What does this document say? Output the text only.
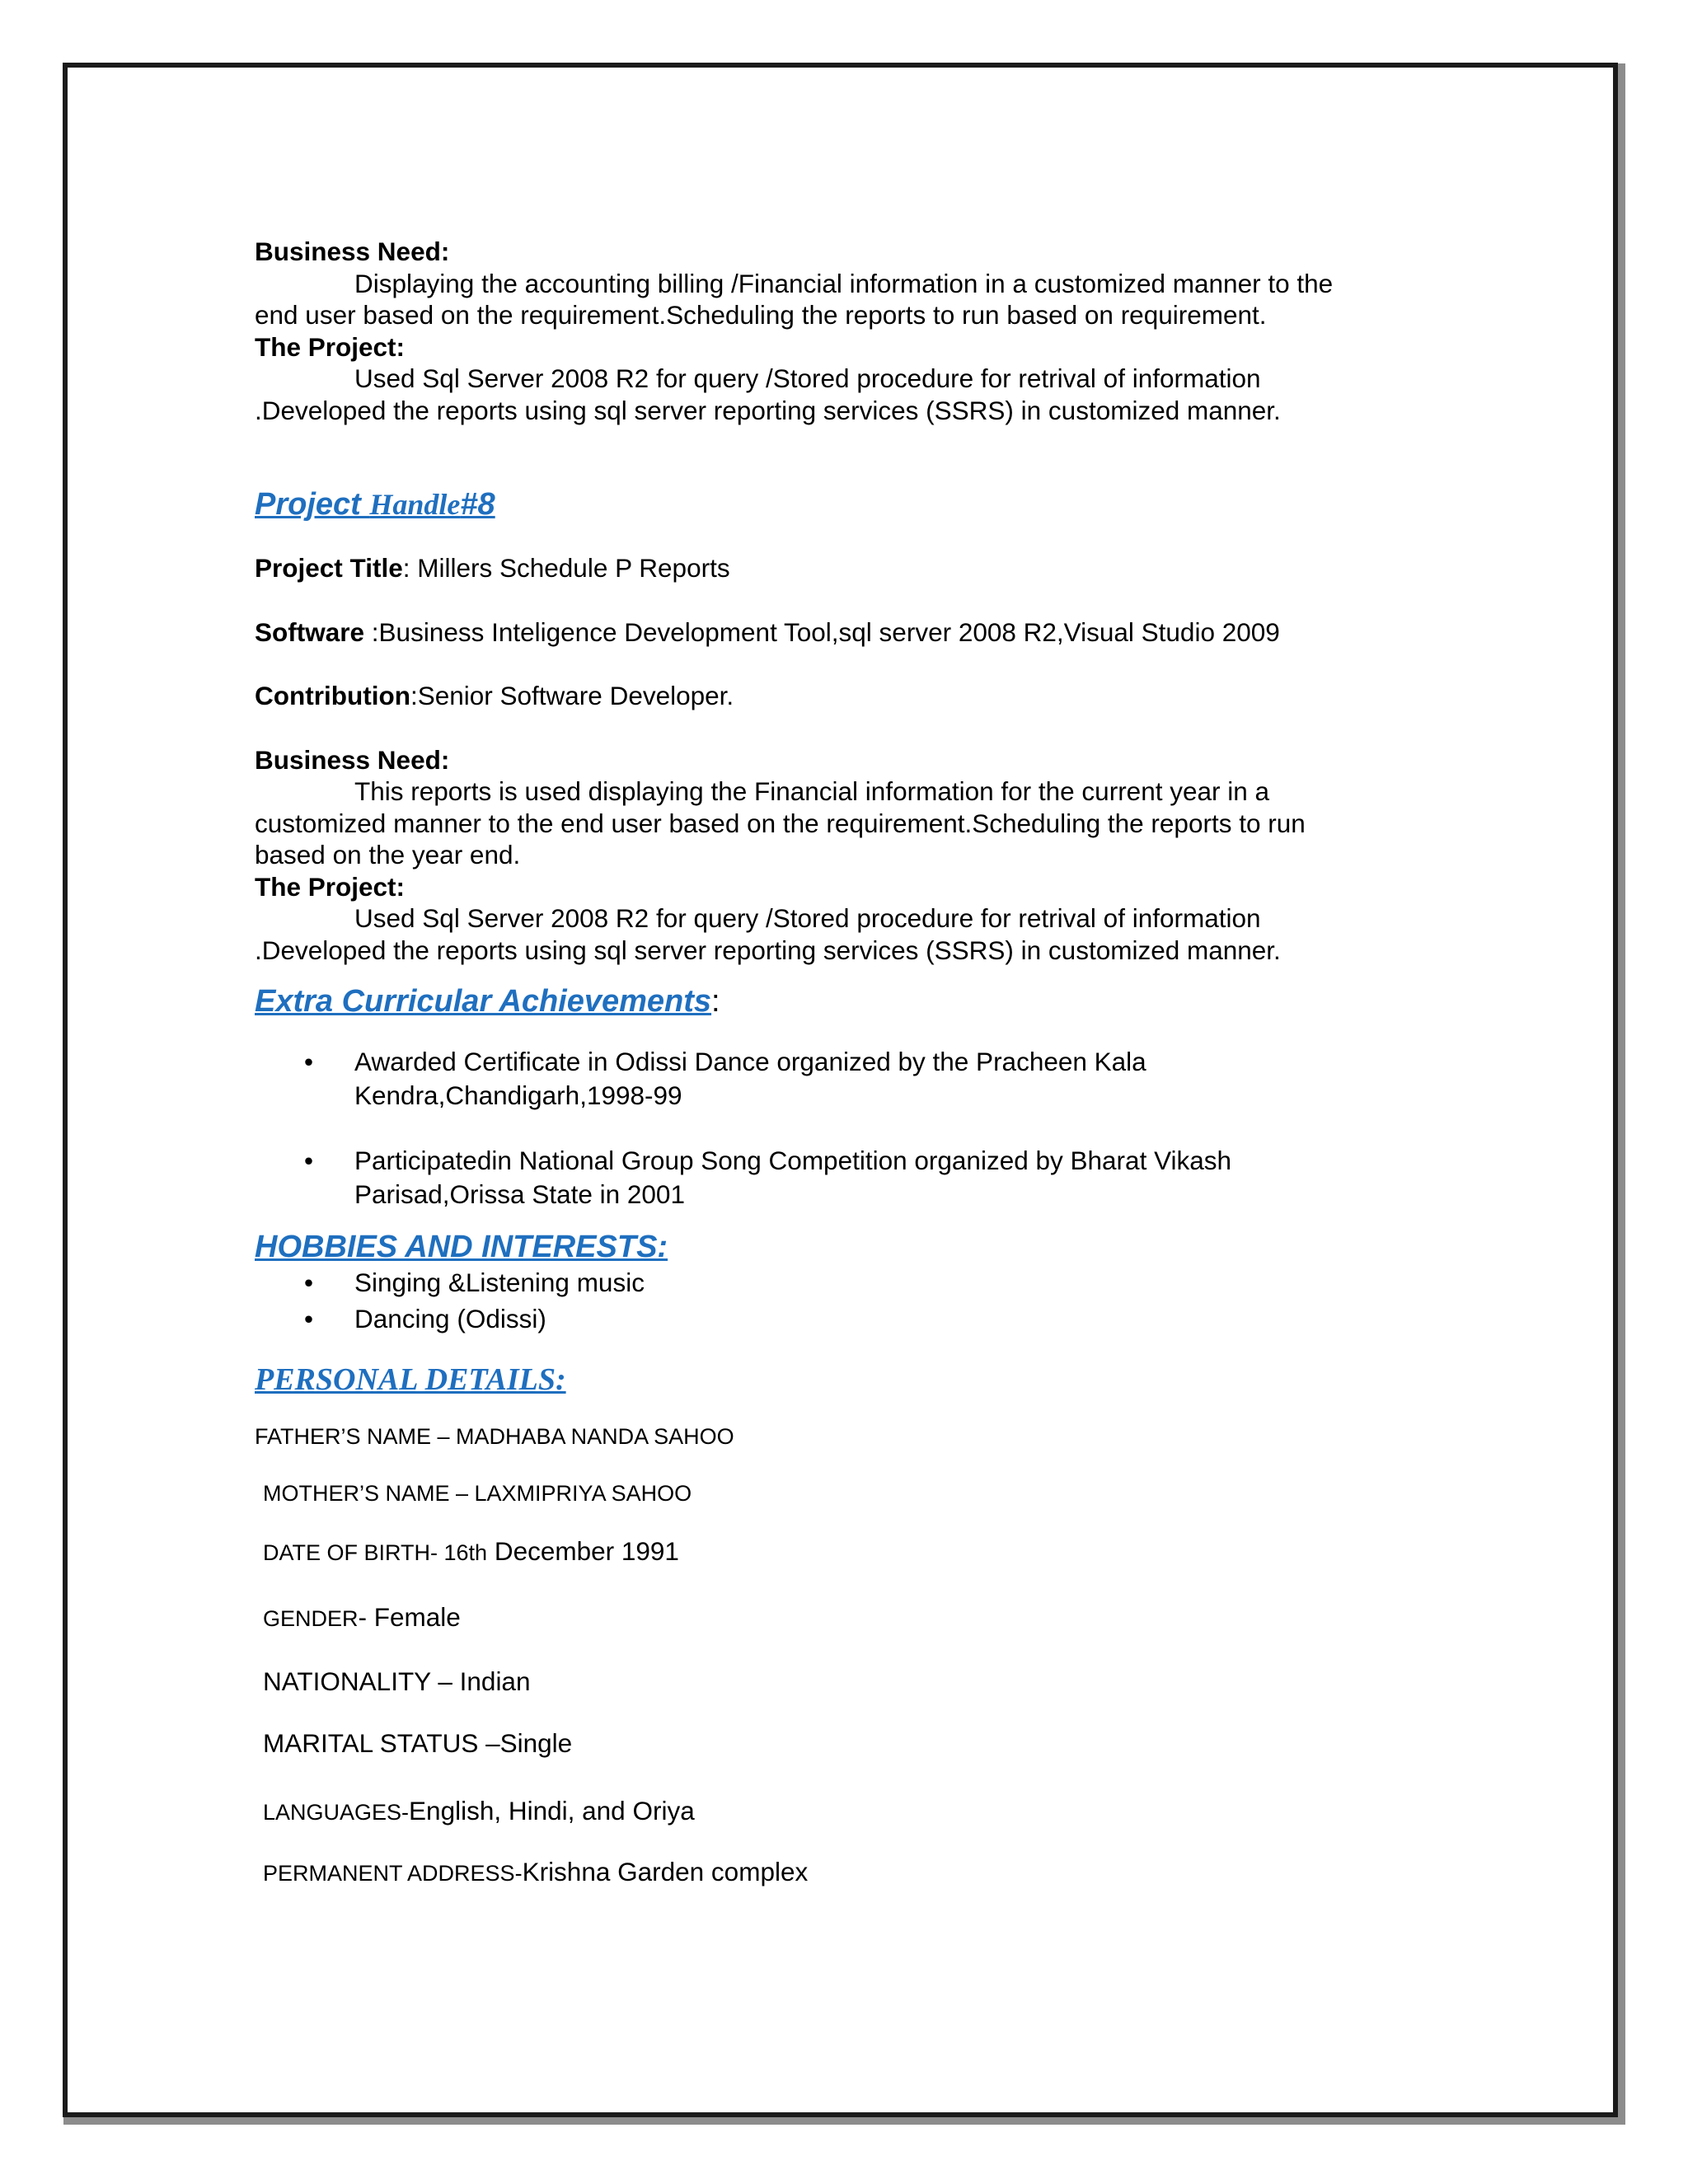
Business Need:

Displaying the accounting billing /Financial information in a customized manner to the

end user based on the requirement.Scheduling the reports to run based on requirement.

The Project:

Used Sql Server 2008 R2 for query /Stored procedure for retrival of information

.Developed the reports using sql server reporting services (SSRS) in customized manner.

Project Handle#8

Project Title: Millers Schedule P Reports

Software :Business Inteligence Development Tool,sql server 2008 R2,Visual Studio 2009

Contribution:Senior Software Developer.

Business Need:

This reports is used displaying the Financial information for the current year in a

customized manner to the end user based on the requirement.Scheduling the reports to run

based on the year end.

The Project:

Used Sql Server 2008 R2 for query /Stored procedure for retrival of information

.Developed the reports using sql server reporting services (SSRS) in customized manner.

Extra Curricular Achievements:

• Awarded Certificate in Odissi Dance organized by the Pracheen Kala
Kendra,Chandigarh,1998-99
• Participatedin National Group Song Competition organized by Bharat Vikash
Parisad,Orissa State in 2001

HOBBIES AND INTERESTS:

• Singing &Listening music
• Dancing (Odissi)

PERSONAL DETAILS:

FATHER’S NAME – MADHABA NANDA SAHOO

MOTHER’S NAME – LAXMIPRIYA SAHOO

DATE OF BIRTH- 16th December 1991

GENDER- Female

NATIONALITY – Indian

MARITAL STATUS –Single

LANGUAGES-English, Hindi, and Oriya

PERMANENT ADDRESS-Krishna Garden complex
